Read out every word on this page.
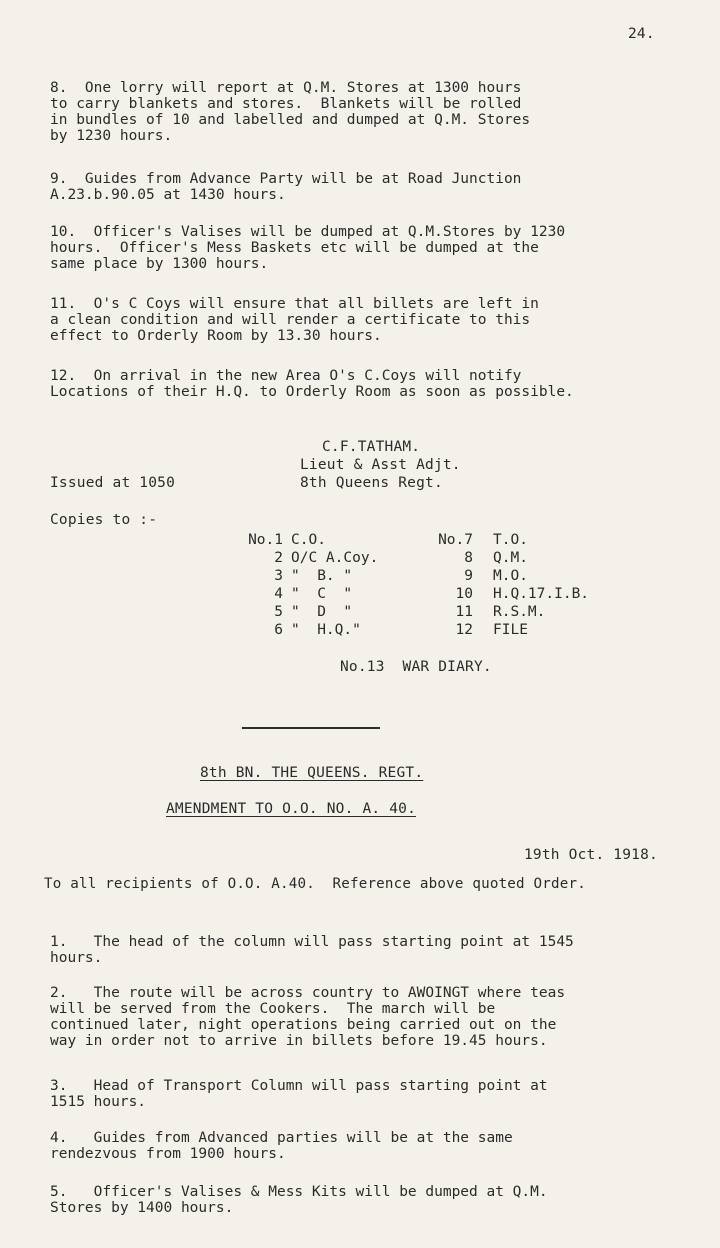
24.
8.  One lorry will report at Q.M. Stores at 1300 hours
to carry blankets and stores.  Blankets will be rolled
in bundles of 10 and labelled and dumped at Q.M. Stores
by 1230 hours.
9.  Guides from Advance Party will be at Road Junction
A.23.b.90.05 at 1430 hours.
10.  Officer's Valises will be dumped at Q.M.Stores by 1230
hours.  Officer's Mess Baskets etc will be dumped at the
same place by 1300 hours.
11.  O's C Coys will ensure that all billets are left in
a clean condition and will render a certificate to this
effect to Orderly Room by 13.30 hours.
12.  On arrival in the new Area O's C.Coys will notify
Locations of their H.Q. to Orderly Room as soon as possible.
C.F.TATHAM.
Lieut & Asst Adjt.
Issued at 1050	8th Queens Regt.
Copies to :-
No.1 C.O.	No.7 T.O.
2 O/C A.Coy.	8 Q.M.
3 "  B. "	9 M.O.
4 "  C  "	10 H.Q.17.I.B.
5 "  D  "	11 R.S.M.
6 "  H.Q."	12 FILE
No.13  WAR DIARY.
8th BN. THE QUEENS. REGT.
AMENDMENT TO O.O. NO. A. 40.
19th Oct. 1918.
To all recipients of O.O. A.40.  Reference above quoted Order.
1.   The head of the column will pass starting point at 1545
hours.
2.   The route will be across country to AWOINGT where teas
will be served from the Cookers.  The march will be
continued later, night operations being carried out on the
way in order not to arrive in billets before 19.45 hours.
3.   Head of Transport Column will pass starting point at
1515 hours.
4.   Guides from Advanced parties will be at the same
rendezvous from 1900 hours.
5.   Officer's Valises & Mess Kits will be dumped at Q.M.
Stores by 1400 hours.
